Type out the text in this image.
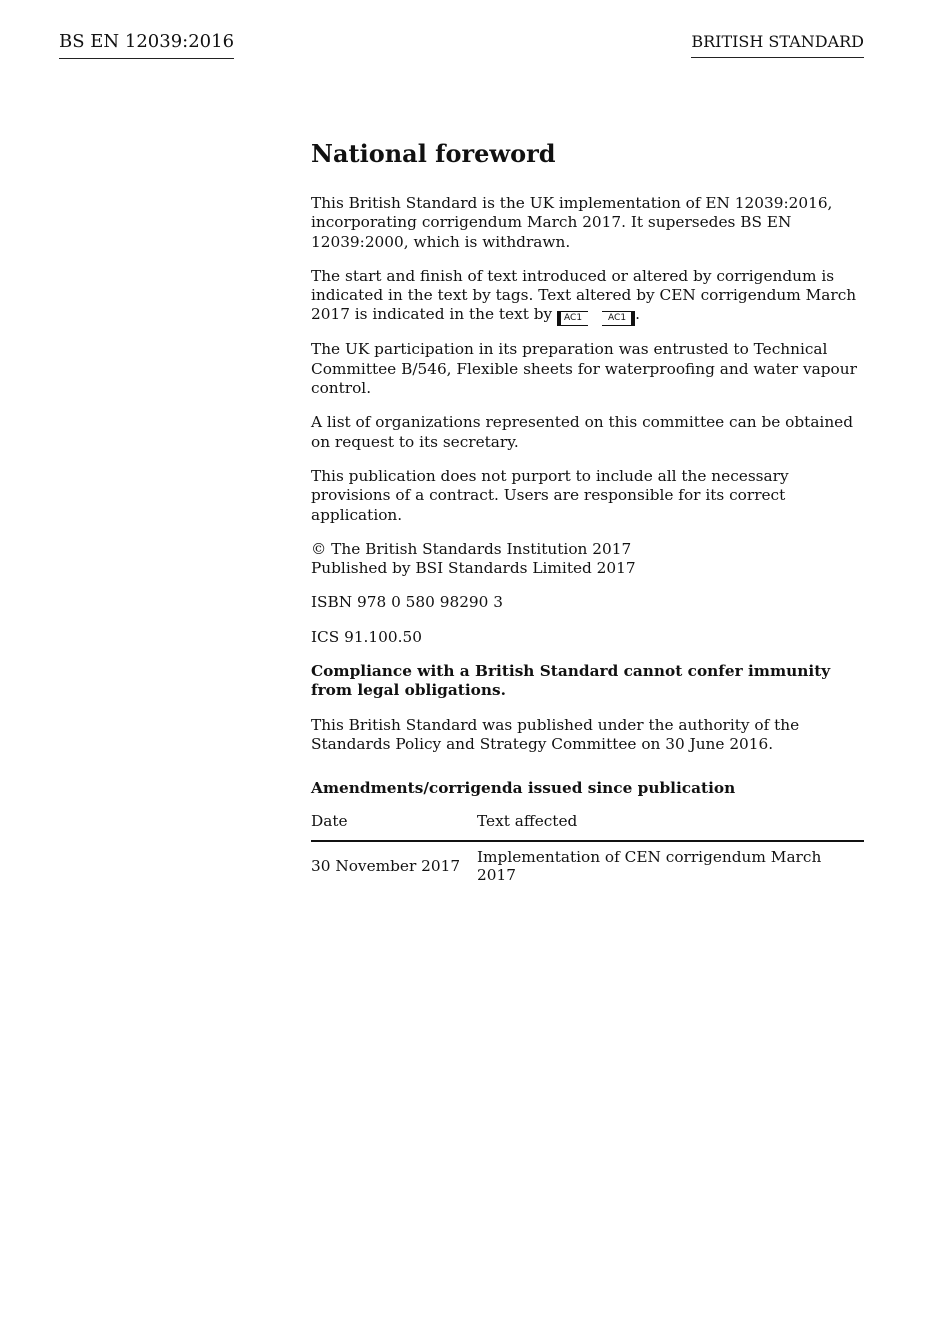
BS EN 12039:2016	BRITISH STANDARD
National foreword

This British Standard is the UK implementation of EN 12039:2016, incorporating corrigendum March 2017. It supersedes BS EN 12039:2000, which is withdrawn.

The start and finish of text introduced or altered by corrigendum is indicated in the text by tags. Text altered by CEN corrigendum March 2017 is indicated in the text by AC1	AC1 .

The UK participation in its preparation was entrusted to Technical Committee B/546, Flexible sheets for waterproofing and water vapour control.

A list of organizations represented on this committee can be obtained on request to its secretary.

This publication does not purport to include all the necessary provisions of a contract. Users are responsible for its correct application.

© The British Standards Institution 2017
Published by BSI Standards Limited 2017

ISBN 978 0 580 98290 3

ICS 91.100.50

Compliance with a British Standard cannot confer immunity from legal obligations.

This British Standard was published under the authority of the Standards Policy and Strategy Committee on 30 June 2016.

Amendments/corrigenda issued since publication
Date	Text affected
30 November 2017	Implementation of CEN corrigendum March 2017
